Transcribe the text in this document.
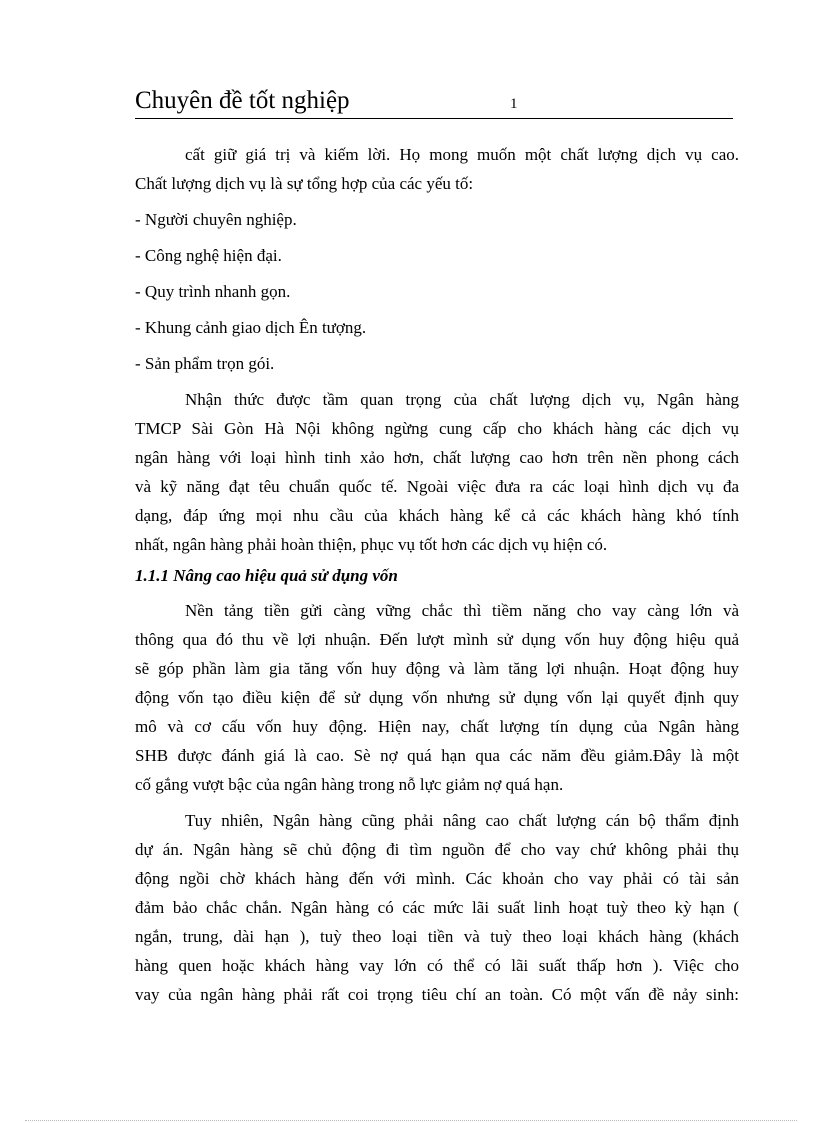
Chuyên đề tốt nghiệp	1
cất giữ giá trị và kiếm lời. Họ mong muốn một chất lượng dịch vụ cao.
Chất lượng dịch vụ là sự tổng hợp của các yếu tố:
- Người chuyên nghiệp.
- Công nghệ hiện đại.
- Quy trình nhanh gọn.
- Khung cảnh giao dịch Ên tượng.
- Sản phẩm trọn gói.
Nhận thức được tầm quan trọng của chất lượng dịch vụ, Ngân hàng
TMCP Sài Gòn Hà Nội không ngừng cung cấp cho khách hàng các dịch vụ
ngân hàng với loại hình tinh xảo hơn, chất lượng cao hơn trên nền phong cách
và kỹ năng đạt têu chuẩn quốc tế. Ngoài việc đưa ra các loại hình dịch vụ đa
dạng, đáp ứng mọi nhu cầu của khách hàng kể cả các khách hàng khó tính
nhất, ngân hàng phải hoàn thiện, phục vụ tốt hơn các dịch vụ hiện có.
1.1.1 Nâng cao hiệu quả sử dụng vốn
Nền tảng tiền gửi càng vững chắc thì tiềm năng cho vay càng lớn và
thông qua đó thu về lợi nhuận. Đến lượt mình sử dụng vốn huy động hiệu quả
sẽ góp phần làm gia tăng vốn huy động và làm tăng lợi nhuận. Hoạt động huy
động vốn tạo điều kiện để sử dụng vốn nhưng sử dụng vốn lại quyết định quy
mô và cơ cấu vốn huy động. Hiện nay, chất lượng tín dụng của Ngân hàng
SHB được đánh giá là cao. Sè nợ quá hạn qua các năm đều giảm.Đây là một
cố gắng vượt bậc của ngân hàng trong nỗ lực giảm nợ quá hạn.
Tuy nhiên, Ngân hàng cũng phải nâng cao chất lượng cán bộ thẩm định
dự án. Ngân hàng sẽ chủ động đi tìm nguồn để cho vay chứ không phải thụ
động ngồi chờ khách hàng đến với mình. Các khoản cho vay phải có tài sản
đảm bảo chắc chắn. Ngân hàng có các mức lãi suất linh hoạt tuỳ theo kỳ hạn (
ngắn, trung, dài hạn ), tuỳ theo loại tiền và tuỳ theo loại khách hàng (khách
hàng quen hoặc khách hàng vay lớn có thể có lãi suất thấp hơn ). Việc cho
vay của ngân hàng phải rất coi trọng tiêu chí an toàn. Có một vấn đề nảy sinh:
